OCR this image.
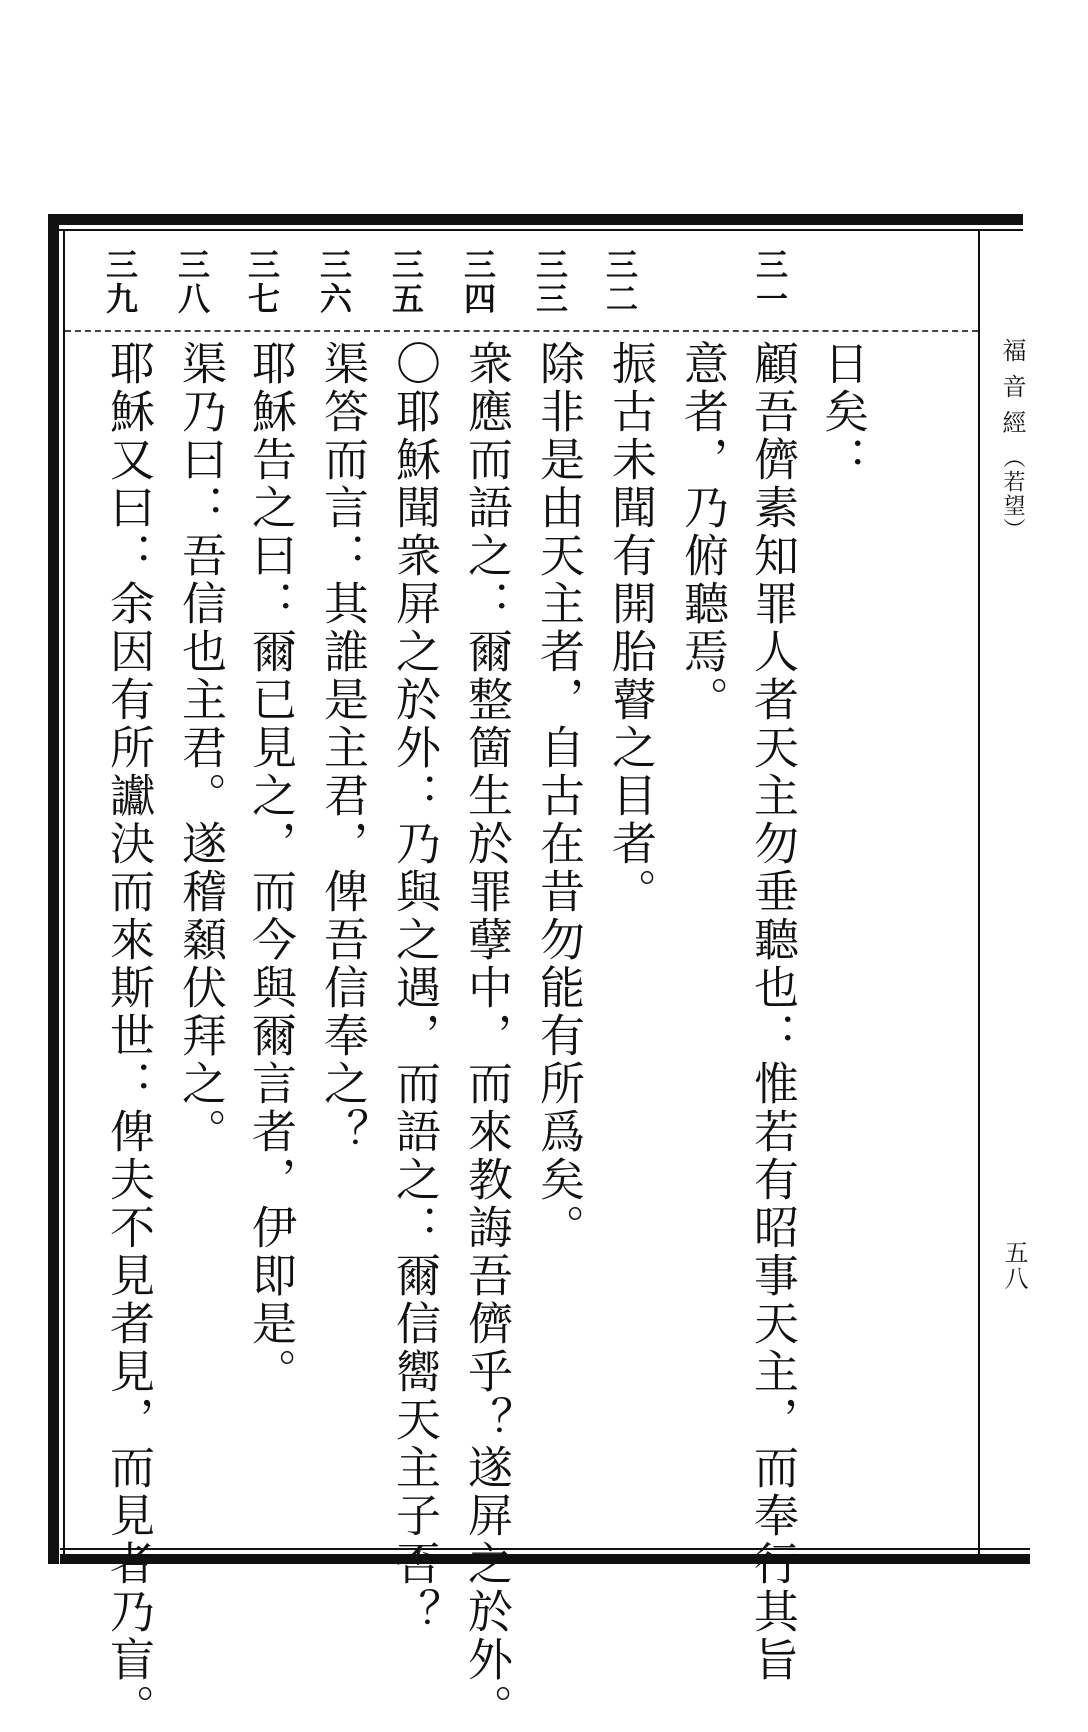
三一
三二
三三
三四
三五
三六
三七
三八
三九
日矣：
顧吾儕素知罪人者天主勿垂聽也：惟若有昭事天主，而奉行其旨
意者，乃俯聽焉。
振古未聞有開胎瞽之目者。
除非是由天主者，自古在昔勿能有所爲矣。
衆應而語之：爾整箇生於罪孽中，而來教誨吾儕乎？遂屏之於外。
〇耶穌聞衆屏之於外：乃與之遇，而語之：爾信嚮天主子否？
渠答而言：其誰是主君，俾吾信奉之？
耶穌告之曰：爾已見之，而今與爾言者，伊即是。
渠乃曰：吾信也主君。遂稽顙伏拜之。
耶穌又曰：余因有所讞決而來斯世：俾夫不見者見，而見者乃盲。	福音經（若望）
五八
